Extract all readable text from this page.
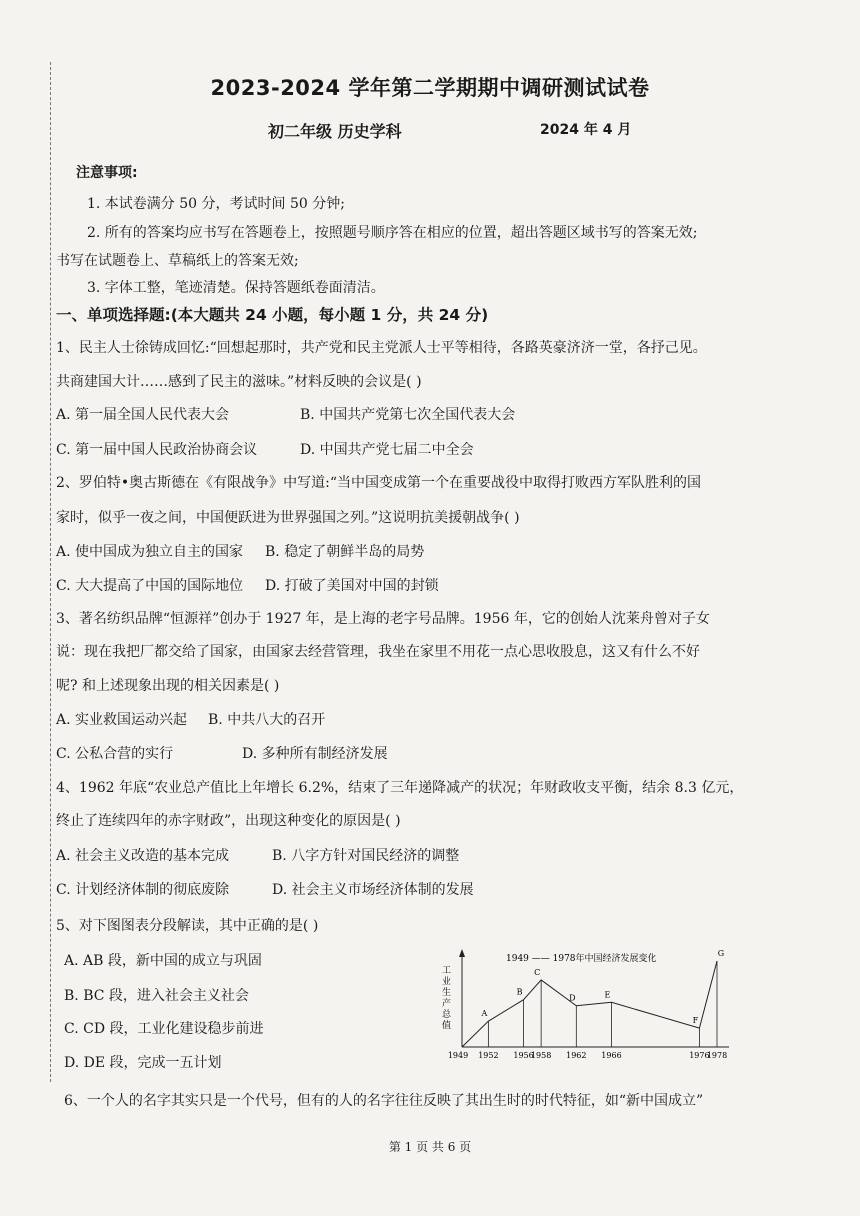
2023-2024 学年第二学期期中调研测试试卷
初二年级 历史学科	2024 年 4 月
注意事项:
1. 本试卷满分 50 分，考试时间 50 分钟;
2. 所有的答案均应书写在答题卷上，按照题号顺序答在相应的位置，超出答题区域书写的答案无效;
书写在试题卷上、草稿纸上的答案无效;
3. 字体工整，笔迹清楚。保持答题纸卷面清洁。
一、单项选择题:(本大题共 24 小题，每小题 1 分，共 24 分)
1、民主人士徐铸成回忆:“回想起那时，共产党和民主党派人士平等相待，各路英豪济济一堂，各抒己见。
共商建国大计……感到了民主的滋味。”材料反映的会议是( )
A. 第一届全国人民代表大会	B. 中国共产党第七次全国代表大会
C. 第一届中国人民政治协商会议	D. 中国共产党七届二中全会
2、罗伯特•奥古斯德在《有限战争》中写道:“当中国变成第一个在重要战役中取得打败西方军队胜利的国
家时，似乎一夜之间，中国便跃进为世界强国之列。”这说明抗美援朝战争( )
A. 使中国成为独立自主的国家 B. 稳定了朝鲜半岛的局势
C. 大大提高了中国的国际地位 D. 打破了美国对中国的封锁
3、著名纺织品牌“恒源祥”创办于 1927 年，是上海的老字号品牌。1956 年，它的创始人沈莱舟曾对子女
说：现在我把厂都交给了国家，由国家去经营管理，我坐在家里不用花一点心思收股息，这又有什么不好
呢? 和上述现象出现的相关因素是( )
A. 实业救国运动兴起 B. 中共八大的召开
C. 公私合营的实行	D. 多种所有制经济发展
4、1962 年底“农业总产值比上年增长 6.2%，结束了三年递降减产的状况；年财政收支平衡，结余 8.3 亿元，
终止了连续四年的赤字财政”，出现这种变化的原因是( )
A. 社会主义改造的基本完成	B. 八字方针对国民经济的调整
C. 计划经济体制的彻底废除	D. 社会主义市场经济体制的发展
5、对下图图表分段解读，其中正确的是( )
A. AB 段，新中国的成立与巩固
B. BC 段，进入社会主义社会
C. CD 段，工业化建设稳步前进
D. DE 段，完成一五计划
1949 —— 1978年中国经济发展变化
工
业
生
产
总
值
A
B
C
D	E
F
G
1949 1952 1956
1958 1962 1966	1976
1978
6、一个人的名字其实只是一个代号，但有的人的名字往往反映了其出生时的时代特征，如“新中国成立”
第 1 页 共 6 页
